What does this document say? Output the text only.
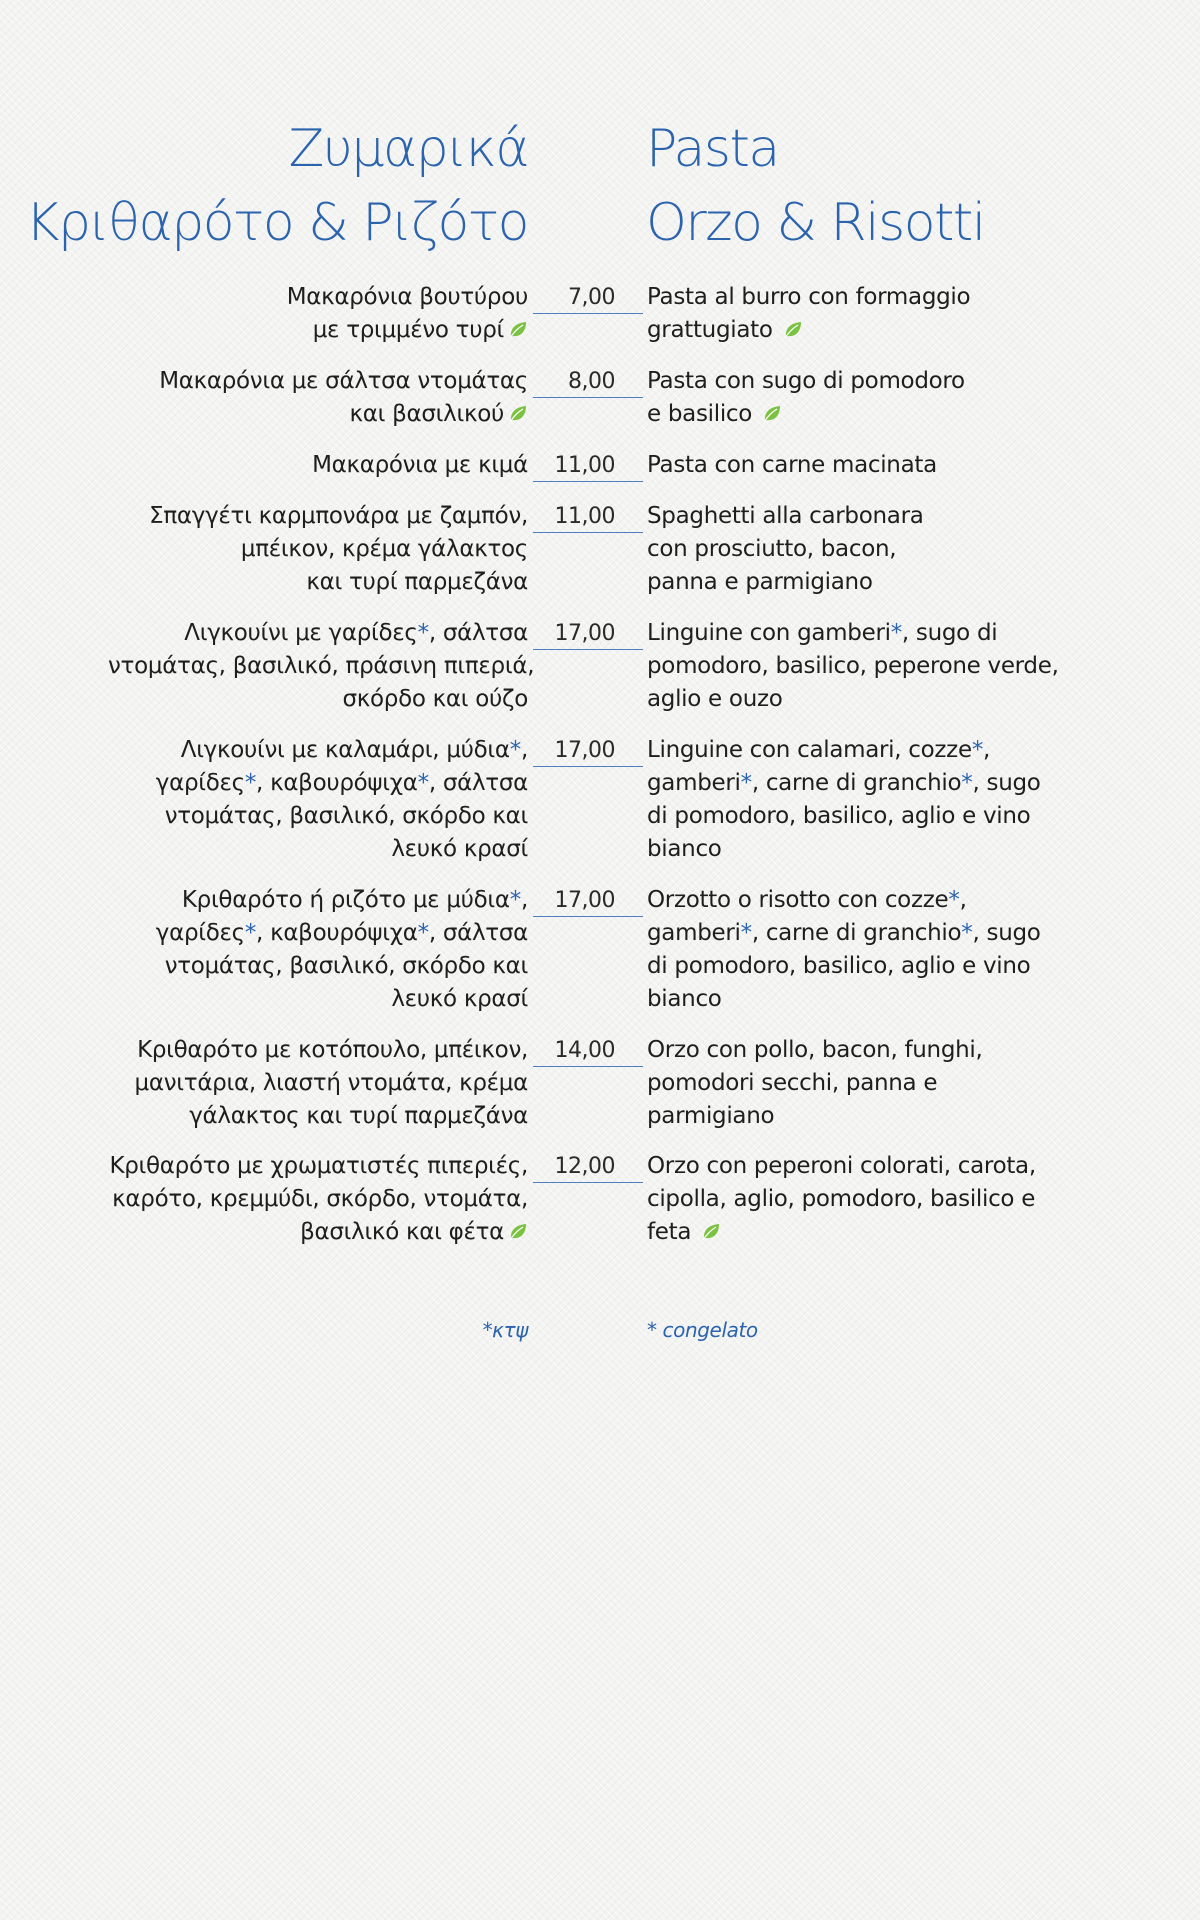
Ζυμαρικά
Κριθαρότο & Ριζότο
Pasta
Orzo & Risotti
Μακαρόνια βουτύρου
με τριμμένο τυρί
7,00 Pasta al burro con formaggio
grattugiato
Μακαρόνια με σάλτσα ντομάτας
και βασιλικού
8,00 Pasta con sugo di pomodoro
e basilico
Μακαρόνια με κιμά 11,00 Pasta con carne macinata
Σπαγγέτι καρμπονάρα με ζαμπόν,
μπέικον, κρέμα γάλακτος
και τυρί παρμεζάνα
11,00 Spaghetti alla carbonara
con prosciutto, bacon,
panna e parmigiano
Λιγκουίνι με γαρίδες*, σάλτσα
ντομάτας, βασιλικό, πράσινη πιπεριά,
σκόρδο και ούζο
17,00 Linguine con gamberi*, sugo di
pomodoro, basilico, peperone verde,
aglio e ouzo
Λιγκουίνι με καλαμάρι, μύδια*,
γαρίδες*, καβουρόψιχα*, σάλτσα
ντομάτας, βασιλικό, σκόρδο και
λευκό κρασί
17,00 Linguine con calamari, cozze*,
gamberi*, carne di granchio*, sugo
di pomodoro, basilico, aglio e vino
bianco
Κριθαρότο ή ριζότο με μύδια*,
γαρίδες*, καβουρόψιχα*, σάλτσα
ντομάτας, βασιλικό, σκόρδο και
λευκό κρασί
17,00 Orzotto o risotto con cozze*,
gamberi*, carne di granchio*, sugo
di pomodoro, basilico, aglio e vino
bianco
Κριθαρότο με κοτόπουλο, μπέικον,
μανιτάρια, λιαστή ντομάτα, κρέμα
γάλακτος και τυρί παρμεζάνα
14,00 Orzo con pollo, bacon, funghi,
pomodori secchi, panna e
parmigiano
Κριθαρότο με χρωματιστές πιπεριές,
καρότο, κρεμμύδι, σκόρδο, ντομάτα,
βασιλικό και φέτα
12,00 Orzo con peperoni colorati, carota,
cipolla, aglio, pomodoro, basilico e
feta
*κτψ	* congelato
